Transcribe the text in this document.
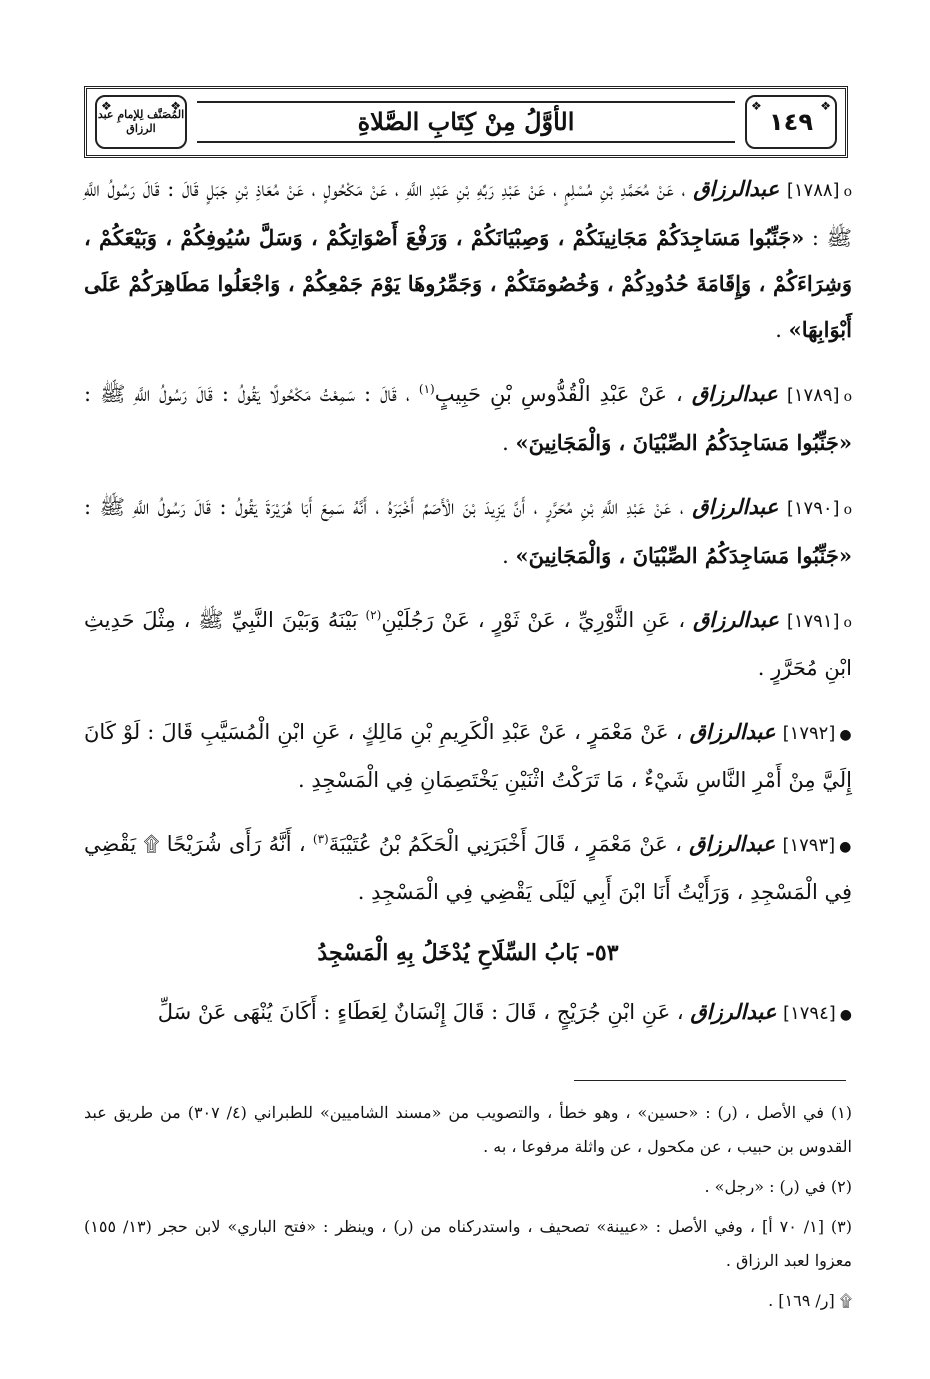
❖ ١٤٩
❖
الأوَّلُ مِنْ كِتَابِ الصَّلاةِ
❖ المُصَنَّف لِلإمامِ عبد الرزاق
❖

o[١٧٨٨] عبدالرزاق ، عَنْ مُحَمَّدِ بْنِ مُسْلِمٍ ، عَنْ عَبْدِ رَبِّهِ بْنِ عَبْدِ اللَّهِ ، عَنْ مَكْحُولٍ ، عَنْ مُعَاذِ بْنِ جَبَلٍ قَالَ : قَالَ رَسُولُ اللَّهِ ﷺ : «جَنِّبُوا مَسَاجِدَكُمْ مَجَانِينَكُمْ ، وَصِبْيَانَكُمْ ، وَرَفْعَ أَصْوَاتِكُمْ ، وَسَلَّ سُيُوفِكُمْ ، وَبَيْعَكُمْ ، وَشِرَاءَكُمْ ، وَإِقَامَةَ حُدُودِكُمْ ، وَخُصُومَتَكُمْ ، وَجَمِّرُوهَا يَوْمَ جَمْعِكُمْ ، وَاجْعَلُوا مَطَاهِرَكُمْ عَلَى أَبْوَابِهَا» .

o[١٧٨٩] عبدالرزاق ، عَنْ عَبْدِ الْقُدُّوسِ بْنِ حَبِيبٍ$^{(١)}$ ، قَالَ : سَمِعْتُ مَكْحُولًا يَقُولُ : قَالَ رَسُولُ اللَّهِ ﷺ : «جَنِّبُوا مَسَاجِدَكُمُ الصِّبْيَانَ ، وَالْمَجَانِينَ» .

o[١٧٩٠] عبدالرزاق ، عَنْ عَبْدِ اللَّهِ بْنِ مُحَرَّرٍ ، أَنَّ يَزِيدَ بْنَ الْأَصَمِّ أَخْبَرَهُ ، أَنَّهُ سَمِعَ أَبَا هُرَيْرَةَ يَقُولُ : قَالَ رَسُولُ اللَّهِ ﷺ : «جَنِّبُوا مَسَاجِدَكُمُ الصِّبْيَانَ ، وَالْمَجَانِينَ» .

o[١٧٩١] عبدالرزاق ، عَنِ الثَّوْرِيِّ ، عَنْ ثَوْرٍ ، عَنْ رَجُلَيْنِ$^{(٢)}$ بَيْنَهُ وَبَيْنَ النَّبِيِّ ﷺ ، مِثْلَ حَدِيثِ ابْنِ مُحَرَّرٍ .

●[١٧٩٢] عبدالرزاق ، عَنْ مَعْمَرٍ ، عَنْ عَبْدِ الْكَرِيمِ بْنِ مَالِكٍ ، عَنِ ابْنِ الْمُسَيَّبِ قَالَ : لَوْ كَانَ إِلَيَّ مِنْ أَمْرِ النَّاسِ شَيْءٌ ، مَا تَرَكْتُ اثْنَيْنِ يَخْتَصِمَانِ فِي الْمَسْجِدِ .

●[١٧٩٣] عبدالرزاق ، عَنْ مَعْمَرٍ ، قَالَ أَخْبَرَنِي الْحَكَمُ بْنُ عُتَيْبَةَ$^{(٣)}$ ، أَنَّهُ رَأَى شُرَيْحًا ۩ يَقْضِي فِي الْمَسْجِدِ ، وَرَأَيْتُ أَنَا ابْنَ أَبِي لَيْلَى يَقْضِي فِي الْمَسْجِدِ .

٥٣- بَابُ السِّلَاحِ يُدْخَلُ بِهِ الْمَسْجِدُ

●[١٧٩٤] عبدالرزاق ، عَنِ ابْنِ جُرَيْجٍ ، قَالَ : قَالَ إِنْسَانٌ لِعَطَاءٍ : أَكَانَ يُنْهَى عَنْ سَلِّ

(١) في الأصل ، (ر) : «حسين» ، وهو خطأ ، والتصويب من «مسند الشاميين» للطبراني (٤/ ٣٠٧) من طريق عبد القدوس بن حبيب ، عن مكحول ، عن واثلة مرفوعا ، به .

(٢) في (ر) : «رجل» .

(٣) [١/ ٧٠ أ] ، وفي الأصل : «عيينة» تصحيف ، واستدركناه من (ر) ، وينظر : «فتح الباري» لابن حجر (١٣/ ١٥٥) معزوا لعبد الرزاق .

۩ [ر/ ١٦٩] .
